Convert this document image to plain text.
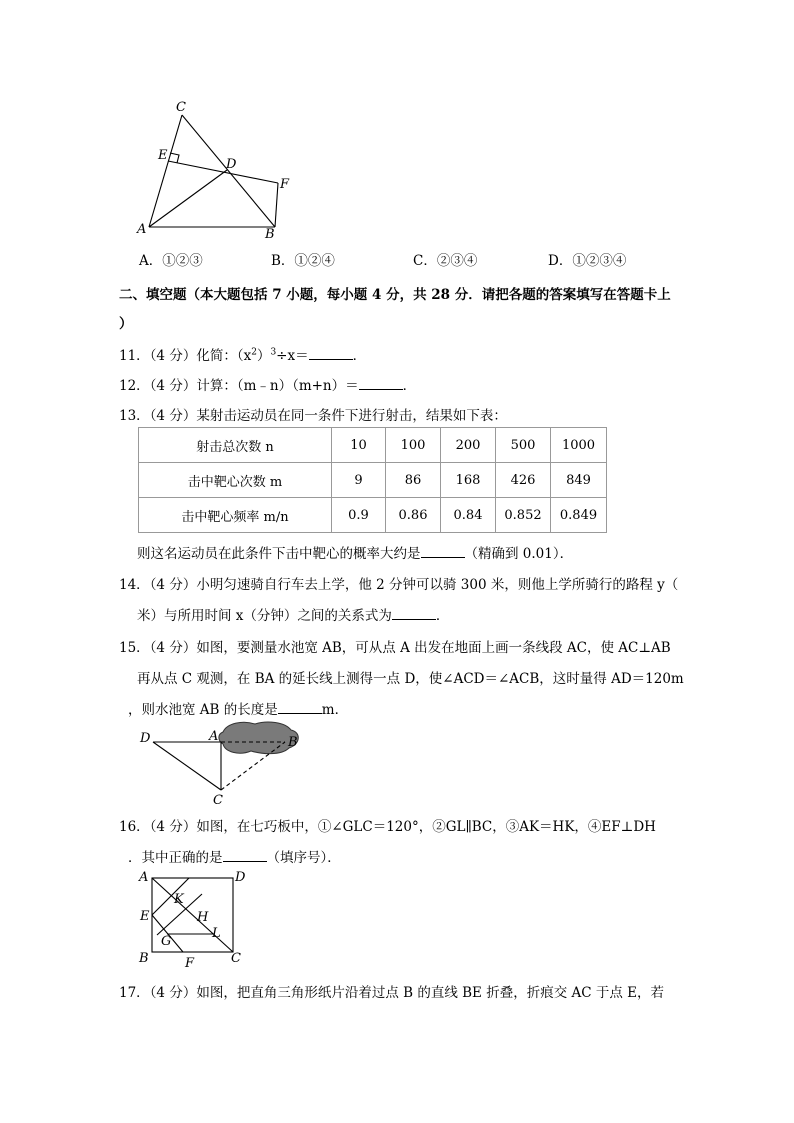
C
E
D
F
A	B
A．①②③	B．①②④	C．②③④	D．①②③④
二、填空题（本大题包括 7 小题，每小题 4 分，共 28 分．请把各题的答案填写在答题卡上
）
11．（4 分）化简：$(x^2)^3\div x=$	．
12．（4 分）计算：（m﹣n）（m+n）＝	．
13．（4 分）某射击运动员在同一条件下进行射击，结果如下表：
射击总次数 n	10	100	200	500	1000
击中靶心次数 m	9	86	168	426	849
击中靶心频率 m/n	0.9	0.86	0.84	0.852	0.849
则这名运动员在此条件下击中靶心的概率大约是	（精确到 0.01）．
14．（4 分）小明匀速骑自行车去上学，他 2 分钟可以骑 300 米，则他上学所骑行的路程 y（
米）与所用时间 x（分钟）之间的关系式为	．
15．（4 分）如图，要测量水池宽 AB，可从点 A 出发在地面上画一条线段 AC，使 AC⊥AB
再从点 C 观测，在 BA 的延长线上测得一点 D，使∠ACD＝∠ACB，这时量得 AD＝120m
，则水池宽 AB 的长度是	m．
D	A	B
C
16．（4 分）如图，在七巧板中，①∠GLC＝120°，②GL∥BC，③AK＝HK，④EF⊥DH
．其中正确的是	（填序号）．
A	D
K
E	H
L
G
B	F	C
17．（4 分）如图，把直角三角形纸片沿着过点 B 的直线 BE 折叠，折痕交 AC 于点 E，若
